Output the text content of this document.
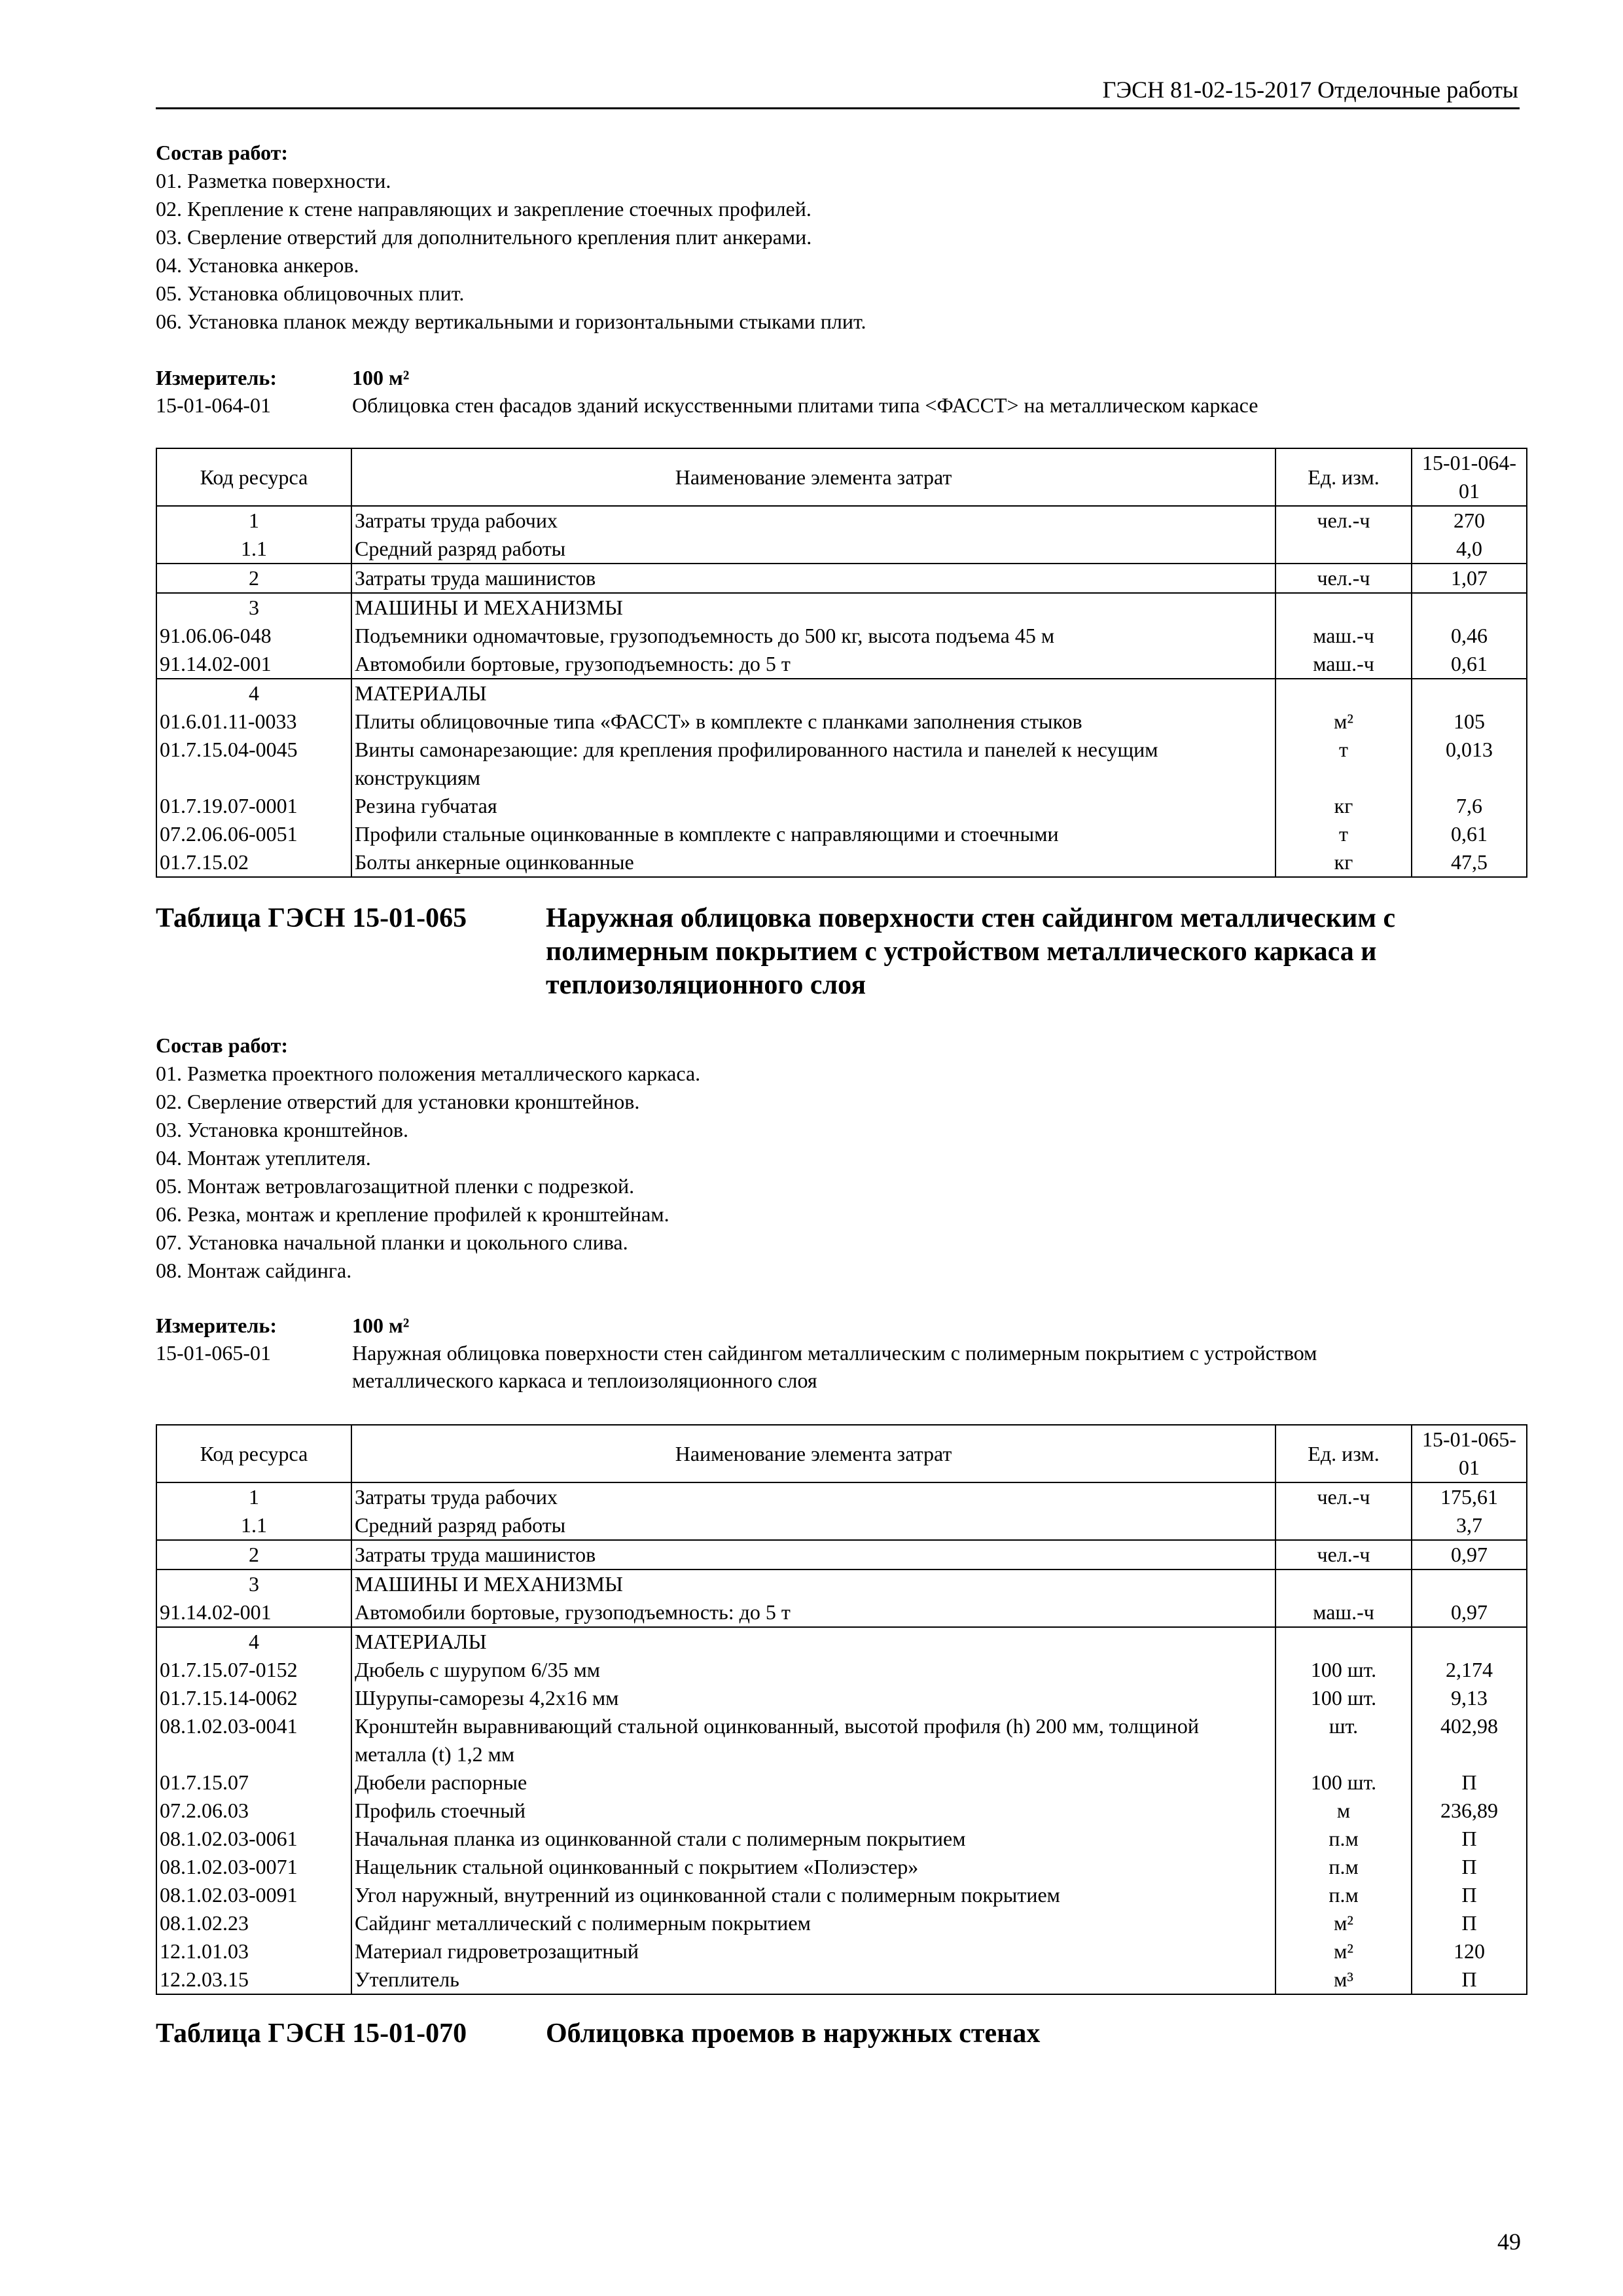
ГЭСН 81-02-15-2017 Отделочные работы
Состав работ:
01. Разметка поверхности.
02. Крепление к стене направляющих и закрепление стоечных профилей.
03. Сверление отверстий для дополнительного крепления плит анкерами.
04. Установка анкеров.
05. Установка облицовочных плит.
06. Установка планок между вертикальными и горизонтальными стыками плит.
Измеритель:	100 м²
15-01-064-01	Облицовка стен фасадов зданий искусственными плитами типа <ФАССТ> на металлическом каркасе
Код ресурса	Наименование элемента затрат	Ед. изм.	15-01-064-01
1	Затраты труда рабочих	чел.-ч	270
1.1	Средний разряд работы		4,0
2	Затраты труда машинистов	чел.-ч	1,07
3	МАШИНЫ И МЕХАНИЗМЫ		
91.06.06-048	Подъемники одномачтовые, грузоподъемность до 500 кг, высота подъема 45 м	маш.-ч	0,46
91.14.02-001	Автомобили бортовые, грузоподъемность: до 5 т	маш.-ч	0,61
4	МАТЕРИАЛЫ		
01.6.01.11-0033	Плиты облицовочные типа «ФАССТ» в комплекте с планками заполнения стыков	м²	105
01.7.15.04-0045	Винты самонарезающие: для крепления профилированного настила и панелей к несущим конструкциям	т	0,013
01.7.19.07-0001	Резина губчатая	кг	7,6
07.2.06.06-0051	Профили стальные оцинкованные в комплекте с направляющими и стоечными	т	0,61
01.7.15.02	Болты анкерные оцинкованные	кг	47,5
Таблица ГЭСН 15-01-065	Наружная облицовка поверхности стен сайдингом металлическим с полимерным покрытием с устройством металлического каркаса и теплоизоляционного слоя
Состав работ:
01. Разметка проектного положения металлического каркаса.
02. Сверление отверстий для установки кронштейнов.
03. Установка кронштейнов.
04. Монтаж утеплителя.
05. Монтаж ветровлагозащитной пленки с подрезкой.
06. Резка, монтаж и крепление профилей к кронштейнам.
07. Установка начальной планки и цокольного слива.
08. Монтаж сайдинга.
Измеритель:	100 м²
15-01-065-01	Наружная облицовка поверхности стен сайдингом металлическим с полимерным покрытием с устройством
металлического каркаса и теплоизоляционного слоя
Код ресурса	Наименование элемента затрат	Ед. изм.	15-01-065-01
1	Затраты труда рабочих	чел.-ч	175,61
1.1	Средний разряд работы		3,7
2	Затраты труда машинистов	чел.-ч	0,97
3	МАШИНЫ И МЕХАНИЗМЫ		
91.14.02-001	Автомобили бортовые, грузоподъемность: до 5 т	маш.-ч	0,97
4	МАТЕРИАЛЫ		
01.7.15.07-0152	Дюбель с шурупом 6/35 мм	100 шт.	2,174
01.7.15.14-0062	Шурупы-саморезы 4,2х16 мм	100 шт.	9,13
08.1.02.03-0041	Кронштейн выравнивающий стальной оцинкованный, высотой профиля (h) 200 мм, толщиной металла (t) 1,2 мм	шт.	402,98
01.7.15.07	Дюбели распорные	100 шт.	П
07.2.06.03	Профиль стоечный	м	236,89
08.1.02.03-0061	Начальная планка из оцинкованной стали с полимерным покрытием	п.м	П
08.1.02.03-0071	Нащельник стальной оцинкованный с покрытием «Полиэстер»	п.м	П
08.1.02.03-0091	Угол наружный, внутренний из оцинкованной стали с полимерным покрытием	п.м	П
08.1.02.23	Сайдинг металлический с полимерным покрытием	м²	П
12.1.01.03	Материал гидроветрозащитный	м²	120
12.2.03.15	Утеплитель	м³	П
Таблица ГЭСН 15-01-070	Облицовка проемов в наружных стенах
49
